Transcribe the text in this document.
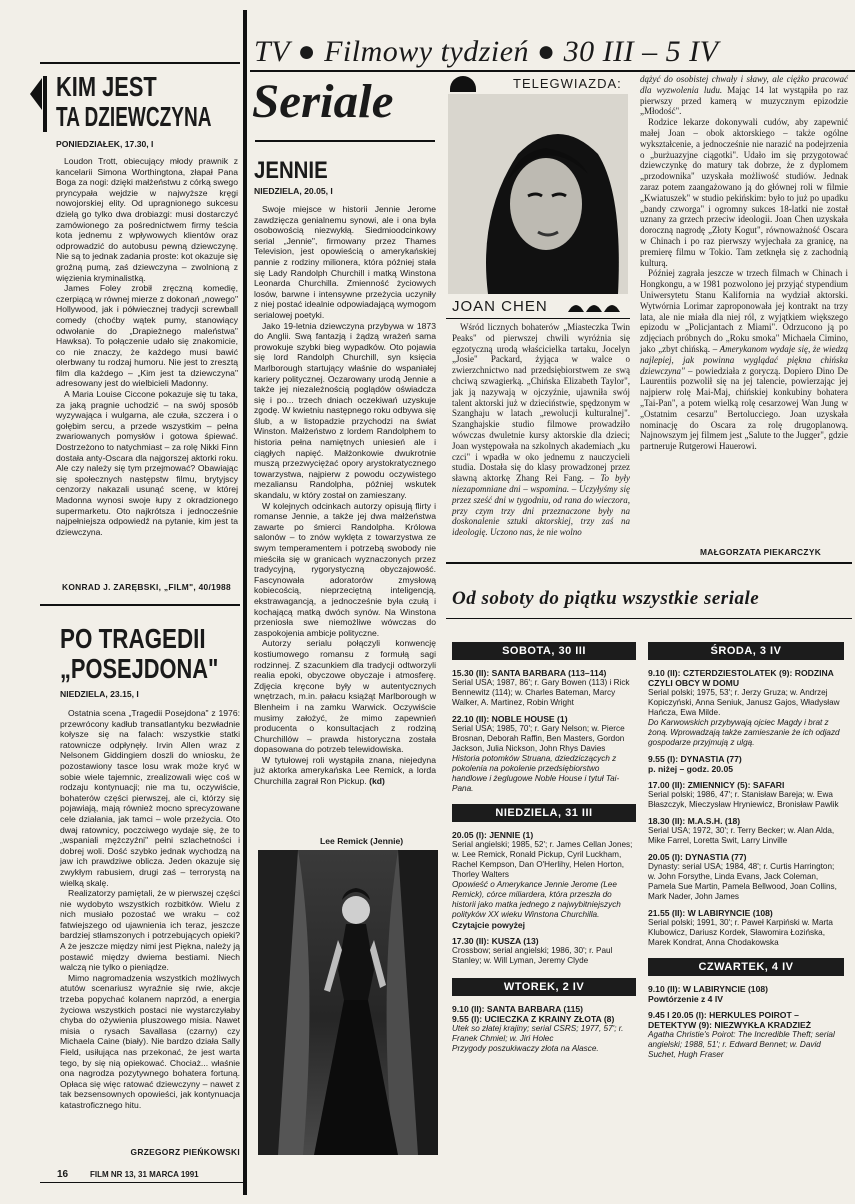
TV ● Filmowy tydzień ● 30 III – 5 IV
KIM JEST
TA DZIEWCZYNA
PONIEDZIAŁEK, 17.30, I

Loudon Trott, obiecujący młody prawnik z kancelarii Simona Worthingtona, złapał Pana Boga za nogi: dzięki małżeństwu z córką swego pryncypała wejdzie w najwyższe kręgi nowojorskiej elity. Od upragnionego sukcesu dzielą go tylko dwa drobiazgi: musi dostarczyć zamówionego za pośrednictwem firmy teścia kota jednemu z wpływowych klientów oraz odprowadzić do autobusu pewną dziewczynę. Nie są to jednak zadania proste: kot okazuje się groźną pumą, zaś dziewczyna – zwolnioną z więzienia kryminalistką.

James Foley zrobił zręczną komedię, czerpiącą w równej mierze z dokonań „nowego" Hollywood, jak i półwiecznej tradycji screwball comedy (choćby wątek pumy, stanowiący odwołanie do „Drapieżnego maleństwa" Hawksa). To połączenie udało się znakomicie, co nie znaczy, że każdego musi bawić olerbwany tu rodzaj humoru. Nie jest to zresztą film dla każdego – „Kim jest ta dziewczyna" adresowany jest do wielbicieli Madonny.

A Maria Louise Ciccone pokazuje się tu taka, za jaką pragnie uchodzić – na swój sposób wyzywająca i wulgarna, ale czuła, szczera i o gołębim sercu, a przede wszystkim – pełna zwariowanych pomysłów i gotowa śpiewać. Dostrzeżono to natychmiast – za rolę Nikki Finn dostała anty-Oscara dla najgorszej aktorki roku. Ale czy należy się tym przejmować? Obawiając się społecznych następstw filmu, brytyjscy cenzorzy nakazali usunąć scenę, w której Madonna wynosi swoje łupy z okradzionego supermarketu. Oto najkrótsza i jednocześnie najpełniejsza odpowiedź na pytanie, kim jest ta dziewczyna.

KONRAD J. ZARĘBSKI, „FILM", 40/1988
PO TRAGEDII
„POSEJDONA"
NIEDZIELA, 23.15, I

Ostatnia scena „Tragedii Posejdona" z 1976: przewrócony kadłub transatlantyku bezwładnie kołysze się na falach: wszystkie statki ratownicze odpłynęły. Irvin Allen wraz z Nelsonem Giddingiem doszli do wniosku, że pozostawiony tasce losu wrak może kryć w sobie wiele tajemnic, zrealizowali więc coś w rodzaju kontynuacji; nie ma tu, oczywiście, bohaterów części pierwszej, ale ci, którzy się pojawiają, mają również mocno sprecyzowane cele działania, jak tamci – wole przeżycia. Oto dwaj ratownicy, poczciwego wydaje się, że to „wspaniali mężczyźni" pełni szlachetności i dobrej woli. Dość szybko jednak wychodzą na jaw ich prawdziwe oblicza. Jeden okazuje się zwykłym rabusiem, drugi zaś – terrorystą na wielką skalę.

Realizatorzy pamiętali, że w pierwszej części nie wydobyto wszystkich rozbitków. Wielu z nich musiało pozostać we wraku – coż fatwiejszego od ujawnienia ich teraz, jeszcze bardziej stłamszonych i potrzebujących opieki? A że jeszcze między nimi jest Piękna, należy ją postawić między dwiema bestiami. Niech walczą nie tylko o pieniądze.

Mimo nagromadzenia wszystkich możliwych atutów scenariusz wyraźnie się rwie, akcje trzeba popychać kolanem naprzód, a energia życiowa wszystkich postaci nie wystarczyłaby chyba do ożywienia pluszowego misia. Nawet misia o rysach Savallasa (czarny) czy Michaela Caine (biały). Nie bardzo działa Sally Field, usiłująca nas przekonać, że jest warta tego, by się nią opiekować. Chociaż... właśnie ona nagrodza pozytywnego bohatera fortuną. Opłaca się więc ratować dziewczyny – nawet z tak bezsensownych opowieści, jak kontynuacja katastroficznego hitu.

GRZEGORZ PIEŃKOWSKI
16	FILM NR 13, 31 MARCA 1991
Seriale
JENNIE
NIEDZIELA, 20.05, I

Swoje miejsce w historii Jennie Jerome zawdzięcza genialnemu synowi, ale i ona była osobowością niezwykłą. Siedmioodcinkowy serial „Jennie", firmowany przez Thames Television, jest opowieścią o amerykańskiej pannie z rodziny milionera, która później stała się Lady Randolph Churchill i matką Winstona Leonarda Churchilla. Zmienność życiowych losów, barwne i intensywne przeżycia uczyniły z niej postać idealnie odpowiadającą wymogom serialowej poetyki.

Jako 19-letnia dziewczyna przybywa w 1873 do Anglii. Swą fantazją i żądzą wrażeń sama prowokuje szybki bieg wypadków. Oto pojawia się lord Randolph Churchill, syn księcia Marlborough startujący właśnie do wspaniałej kariery politycznej. Oczarowany urodą Jennie a także jej niezależnością poglądów oświadcza się i po... trzech dniach oczekiwań uzyskuje zgodę. W kwietniu następnego roku odbywa się ślub, a w listopadzie przychodzi na świat Winston. Małżeństwo z lordem Randolphem to historia pełna namiętnych uniesień ale i ciągłych napięć. Małżonkowie dwukrotnie muszą przezwyciężać opory arystokratycznego towarzystwa, najpierw z powodu oczywistego mezaliansu Randolpha, później wskutek skandalu, w który został on zamieszany.

W kolejnych odcinkach autorzy opisują flirty i romanse Jennie, a także jej dwa małżeństwa zawarte po śmierci Randolpha. Królowa salonów – to znów wyklęta z towarzystwa ze swym temperamentem i potrzebą swobody nie mieściła się w granicach wyznaczonych przez tradycyjną, rygorystyczną obyczajowość. Fascynowała adoratorów zmysłową kobiecością, nieprzeciętną inteligencją, ekstrawagancją, a jednocześnie była czułą i kochającą matką dwóch synów. Na Winstona przeniosła swe niemożliwe wówczas do zaspokojenia ambicje polityczne.

Autorzy serialu połączyli konwencję kostiumowego romansu z formułą sagi rodzinnej. Z szacunkiem dla tradycji odtworzyli realia epoki, obyczowe obyczaje i atmosferę. Zdjęcia kręcone były w autentycznych wnętrzach, m.in. pałacu książąt Marlborough w Blenheim i na zamku Warwick. Oczywiście musimy założyć, że mimo zapewnień producenta o konsultacjach z rodziną Churchillów – prawda historyczna została dopasowana do potrzeb telewidowiska.

W tytułowej roli wystąpiła znana, niejedyna już aktorka amerykańska Lee Remick, a lorda Churchilla zagrał Ron Pickup. (kd)

Lee Remick (Jennie)
TELEGWIAZDA:
JOAN CHEN

Wśród licznych bohaterów „Miasteczka Twin Peaks" od pierwszej chwili wyróżnia się egzotyczną urodą właścicielka tartaku, Jocelyn „Josie" Packard, żyjąca w walce o zwierzchnictwo nad przedsiębiorstwem ze swą chciwą szwagierką. „Chińska Elizabeth Taylor", jak ją nazywają w ojczyźnie, ujawniła swój talent aktorski już w dzieciństwie, spędzonym w Szanghaju w latach „rewolucji kulturalnej". Szanghajskie studio filmowe prowadziło wówczas dwuletnie kursy aktorskie dla dzieci; Joan występowała na szkolnych akademiach „ku czci" i wpadła w oko jednemu z nauczycieli studia. Dostała się do klasy prowadzonej przez sławną aktorkę Zhang Rei Fang. – To były niezapomniane dni – wspomina. – Uczyłyśmy się przez sześć dni w tygodniu, od rana do wieczora, przy czym trzy dni przeznaczone były na doskonalenie sztuki aktorskiej, trzy zaś na ideologię. Uczono nas, że nie wolno

dążyć do osobistej chwały i sławy, ale ciężko pracować dla wyzwolenia ludu. Mając 14 lat wystąpiła po raz pierwszy przed kamerą w muzycznym epizodzie „Młodość".

Rodzice lekarze dokonywali cudów, aby zapewnić małej Joan – obok aktorskiego – także ogólne wykształcenie, a jednocześnie nie narazić na podejrzenia o „burżuazyjne ciągotki". Udało im się przygotować dziewczynkę do matury tak dobrze, że z dyplomem „przodownika" uzyskała możliwość studiów. Jednak zaraz potem zaangażowano ją do głównej roli w filmie „Kwiatuszek" w studio pekińskim: było to już po upadku „bandy czworga" i ogromny sukces 18-latki nie został uznany za grzech przeciw ideologii. Joan Chen uzyskała doroczną nagrodę „Złoty Kogut", równoważność Oscara w Chinach i po raz pierwszy wyjechała za granicę, na premierę filmu w Tokio. Tam zetknęła się z zachodnią kulturą.

Później zagrała jeszcze w trzech filmach w Chinach i Hongkongu, a w 1981 pozwolono jej przyjąć stypendium Uniwersytetu Stanu Kalifornia na wydział aktorski. Wytwórnia Lorimar zaproponowała jej kontrakt na trzy lata, ale nie miała dla niej ról, z wyjątkiem większego epizodu w „Policjantach z Miami". Odrzucono ją po zdjęciach próbnych do „Roku smoka" Michaela Cimino, jako „zbyt chińską. – Amerykanom wydaje się, że wiedzą najlepiej, jak powinna wyglądać piękna chińska dziewczyna" – powiedziała z goryczą. Dopiero Dino De Laurentiis pozwolił się na jej talencie, powierzając jej najpierw rolę Mai-Maj, chińskiej konkubiny bohatera „Tai-Pan", a potem wielką rolę cesarzowej Wan Jung w „Ostatnim cesarzu" Bertolucciego. Joan uzyskała nominację do Oscara za rolę drugoplanową. Najnowszym jej filmem jest „Salute to the Jugger", gdzie partneruje Rutgerowi Hauerowi.

MAŁGORZATA PIEKARCZYK
Od soboty do piątku wszystkie seriale
SOBOTA, 30 III
15.30 (II): SANTA BARBARA (113–114)
Serial USA; 1987, 86'; r. Gary Bowen (113) i Rick Bennewitz (114); w. Charles Bateman, Marcy Walker, A. Martinez, Robin Wright
22.10 (II): NOBLE HOUSE (1)
Serial USA; 1985, 70'; r. Gary Nelson; w. Pierce Brosnan, Deborah Raffin, Ben Masters, Gordon Jackson, Julia Nickson, John Rhys Davies
Historia potomków Struana, dziedziczących z pokolenia na pokolenie przedsiębiorstwo handlowe i żeglugowe Noble House i tytuł Tai-Pana.
NIEDZIELA, 31 III
20.05 (I): JENNIE (1)
Serial angielski; 1985, 52'; r. James Cellan Jones; w. Lee Remick, Ronald Pickup, Cyril Luckham, Rachel Kempson, Dan O'Herlihy, Helen Horton, Thorley Walters
Opowieść o Amerykance Jennie Jerome (Lee Remick), córce miliardera, która przeszła do historii jako matka jednego z najwybitniejszych polityków XX wieku Winstona Churchilla.
Czytajcie powyżej
17.30 (II): KUSZA (13)
Crossbow; serial angielski; 1986, 30'; r. Paul Stanley; w. Will Lyman, Jeremy Clyde
WTOREK, 2 IV
9.10 (II): SANTA BARBARA (115)
9.55 (I): UCIECZKA Z KRAINY ZŁOTA (8)
Utek so złatej krajiny; serial CSRS; 1977, 57'; r. Franek Chmiel; w. Jiri Holec
Przygody poszukiwaczy złota na Alasce.
ŚRODA, 3 IV
9.10 (II): CZTERDZIESTOLATEK (9): RODZINA CZYLI OBCY W DOMU
Serial polski; 1975, 53'; r. Jerzy Gruza; w. Andrzej Kopiczyński, Anna Seniuk, Janusz Gajos, Władysław Hańcza, Ewa Milde.
Do Karwowskich przybywają ojciec Magdy i brat z żoną. Wprowadzają także zamieszanie że ich odjazd gospodarze przyjmują z ulgą.
9.55 (I): DYNASTIA (77)
p. niżej – godz. 20.05
17.00 (II): ZMIENNICY (5): SAFARI
Serial polski; 1986, 47'; r. Stanisław Bareja; w. Ewa Błaszczyk, Mieczysław Hryniewicz, Bronisław Pawlik
18.30 (II): M.A.S.H. (18)
Serial USA; 1972, 30'; r. Terry Becker; w. Alan Alda, Mike Farrel, Loretta Swit, Larry Linville
20.05 (I): DYNASTIA (77)
Dynasty: serial USA; 1984, 48'; r. Curtis Harrington; w. John Forsythe, Linda Evans, Jack Coleman, Pamela Sue Martin, Pamela Bellwood, Joan Collins, Mark Nader, John James
21.55 (II): W LABIRYNCIE (108)
Serial polski; 1991, 30'; r. Paweł Karpiński w. Marta Klubowicz, Dariusz Kordek, Sławomira Łozińska, Marek Kondrat, Anna Chodakowska
CZWARTEK, 4 IV
9.10 (II): W LABIRYNCIE (108)
Powtórzenie z 4 IV
9.45 I 20.05 (I): HERKULES POIROT – DETEKTYW (9): NIEZWYKŁA KRADZIEŻ
Agatha Christie's Poirot: The Incredible Theft; serial angielski; 1988, 51'; r. Edward Bennet; w. David Suchet, Hugh Fraser
